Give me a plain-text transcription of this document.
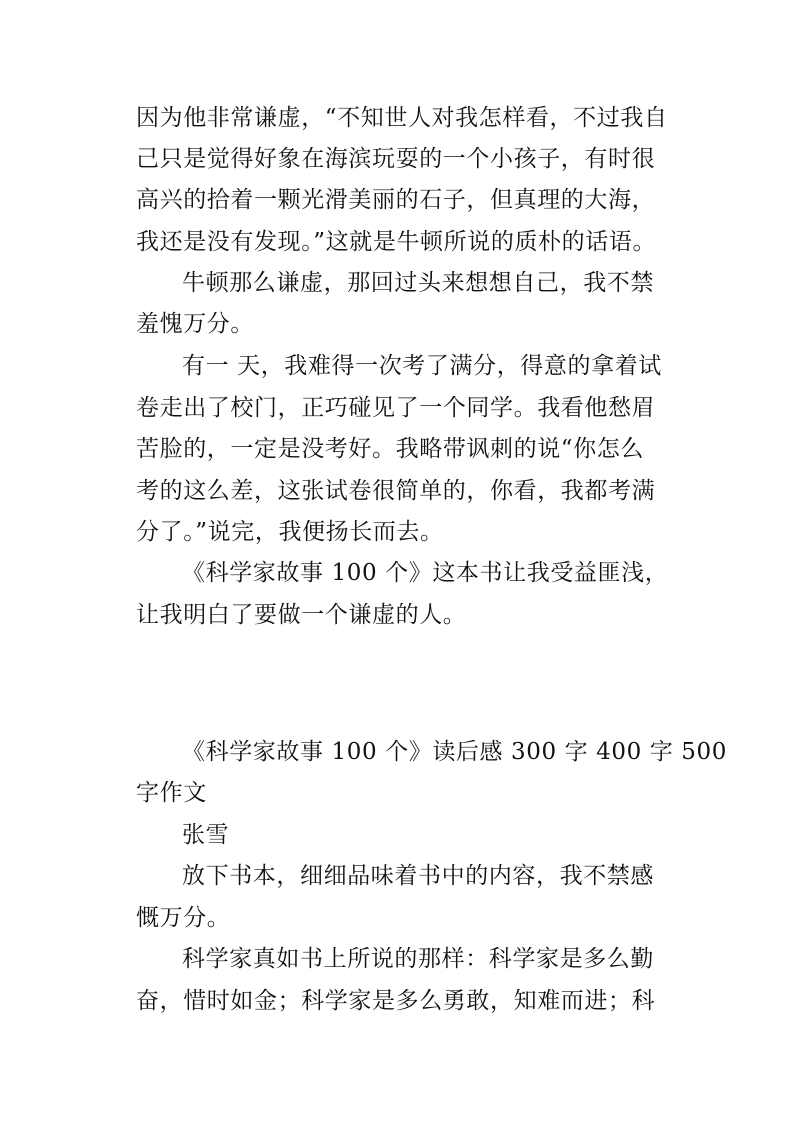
因为他非常谦虚，“不知世人对我怎样看，不过我自
己只是觉得好象在海滨玩耍的一个小孩子，有时很
高兴的拾着一颗光滑美丽的石子，但真理的大海，
我还是没有发现。”这就是牛顿所说的质朴的话语。
牛顿那么谦虚，那回过头来想想自己，我不禁
羞愧万分。
有一 天，我难得一次考了满分，得意的拿着试
卷走出了校门，正巧碰见了一个同学。我看他愁眉
苦脸的，一定是没考好。我略带讽刺的说“你怎么
考的这么差，这张试卷很简单的，你看，我都考满
分了。”说完，我便扬长而去。
《科学家故事 100 个》这本书让我受益匪浅，
让我明白了要做一个谦虚的人。
《科学家故事 100 个》读后感 300 字 400 字 500
字作文
张雪
放下书本，细细品味着书中的内容，我不禁感
慨万分。
科学家真如书上所说的那样：科学家是多么勤
奋，惜时如金；科学家是多么勇敢，知难而进；科
